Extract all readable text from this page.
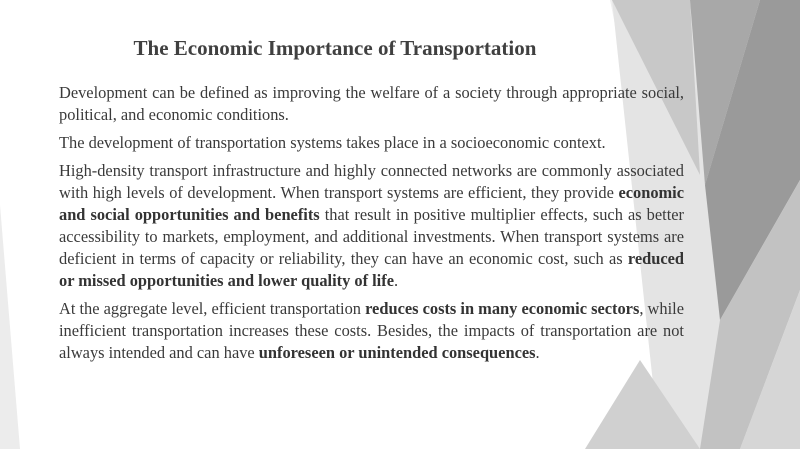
The Economic Importance of Transportation

Development can be defined as improving the welfare of a society through appropriate social, political, and economic conditions.

The development of transportation systems takes place in a socioeconomic context.

High-density transport infrastructure and highly connected networks are commonly associated with high levels of development. When transport systems are efficient, they provide economic and social opportunities and benefits that result in positive multiplier effects, such as better accessibility to markets, employment, and additional investments. When transport systems are deficient in terms of capacity or reliability, they can have an economic cost, such as reduced or missed opportunities and lower quality of life.

At the aggregate level, efficient transportation reduces costs in many economic sectors, while inefficient transportation increases these costs. Besides, the impacts of transportation are not always intended and can have unforeseen or unintended consequences.
